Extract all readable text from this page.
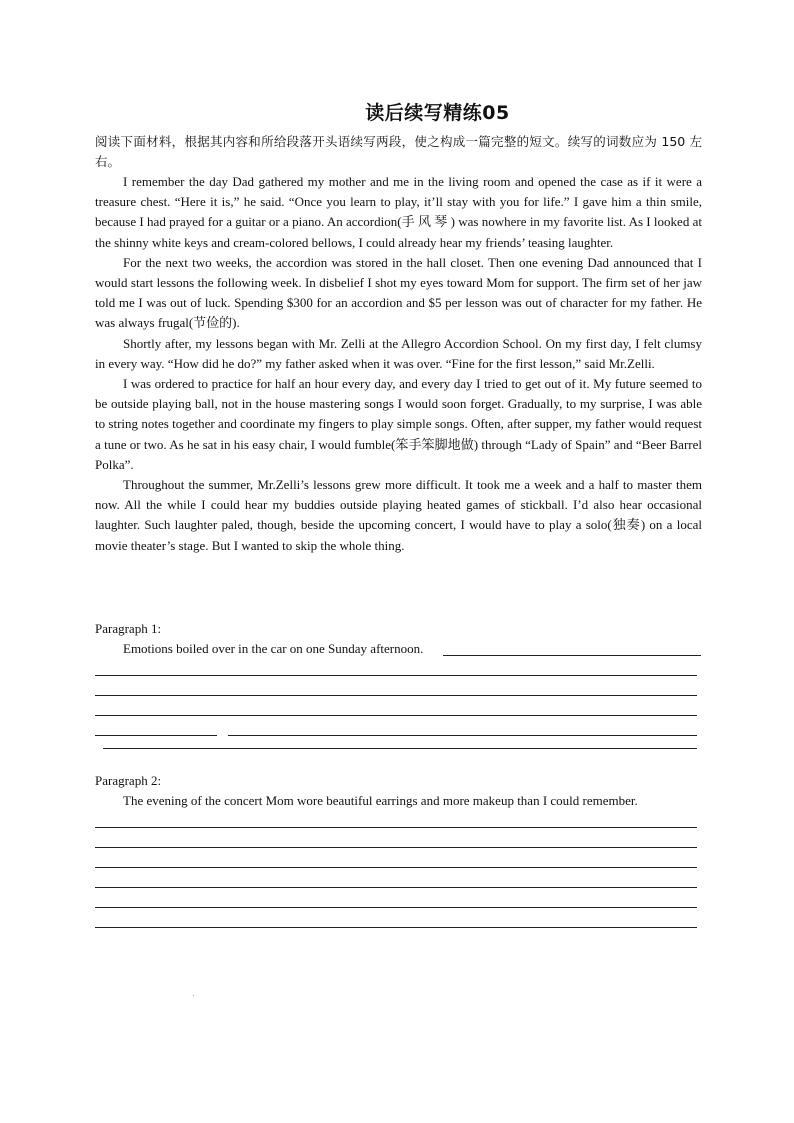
读后续写精练05

阅读下面材料，根据其内容和所给段落开头语续写两段，使之构成一篇完整的短文。续写的词数应为 150 左右。

I remember the day Dad gathered my mother and me in the living room and opened the case as if it were a treasure chest. “Here it is,” he said. “Once you learn to play, it’ll stay with you for life.” I gave him a thin smile, because I had prayed for a guitar or a piano. An accordion(手 风 琴 ) was nowhere in my favorite list. As I looked at the shinny white keys and cream-colored bellows, I could already hear my friends’ teasing laughter.

For the next two weeks, the accordion was stored in the hall closet. Then one evening Dad announced that I would start lessons the following week. In disbelief I shot my eyes toward Mom for support. The firm set of her jaw told me I was out of luck. Spending $300 for an accordion and $5 per lesson was out of character for my father. He was always frugal(节俭的).

Shortly after, my lessons began with Mr. Zelli at the Allegro Accordion School. On my first day, I felt clumsy in every way. “How did he do?” my father asked when it was over. “Fine for the first lesson,” said Mr.Zelli.

I was ordered to practice for half an hour every day, and every day I tried to get out of it. My future seemed to be outside playing ball, not in the house mastering songs I would soon forget. Gradually, to my surprise, I was able to string notes together and coordinate my fingers to play simple songs. Often, after supper, my father would request a tune or two. As he sat in his easy chair, I would fumble(笨手笨脚地做) through “Lady of Spain” and “Beer Barrel Polka”.

Throughout the summer, Mr.Zelli’s lessons grew more difficult. It took me a week and a half to master them now. All the while I could hear my buddies outside playing heated games of stickball. I’d also hear occasional laughter. Such laughter paled, though, beside the upcoming concert, I would have to play a solo(独奏) on a local movie theater’s stage. But I wanted to skip the whole thing.

Paragraph 1:

Emotions boiled over in the car on one Sunday afternoon.

Paragraph 2:

The evening of the concert Mom wore beautiful earrings and more makeup than I could remember.
